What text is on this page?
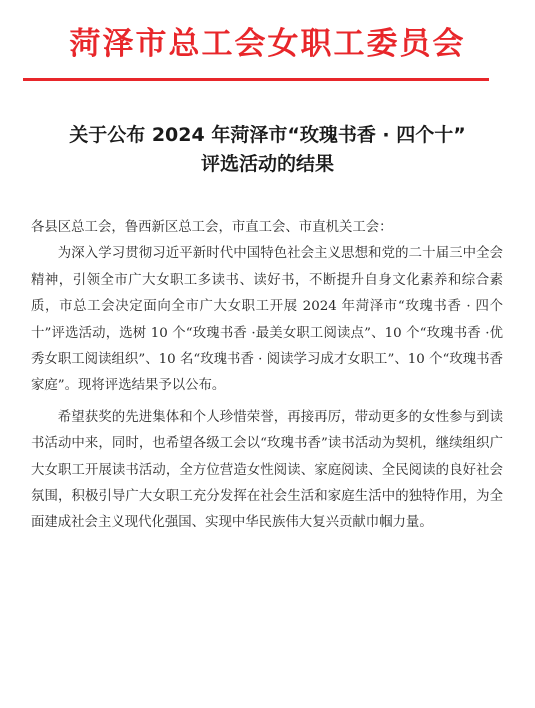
菏泽市总工会女职工委员会
关于公布 2024 年菏泽市“玫瑰书香 · 四个十”
评选活动的结果

各县区总工会，鲁西新区总工会，市直工会、市直机关工会：

为深入学习贯彻习近平新时代中国特色社会主义思想和党的二十届三中全会精神，引领全市广大女职工多读书、读好书，不断提升自身文化素养和综合素质，市总工会决定面向全市广大女职工开展 2024 年菏泽市“玫瑰书香 · 四个十”评选活动，选树 10 个“玫瑰书香 ·最美女职工阅读点”、10 个“玫瑰书香 ·优秀女职工阅读组织”、10 名“玫瑰书香 · 阅读学习成才女职工”、10 个“玫瑰书香家庭”。现将评选结果予以公布。

希望获奖的先进集体和个人珍惜荣誉，再接再厉，带动更多的女性参与到读书活动中来，同时，也希望各级工会以“玫瑰书香”读书活动为契机，继续组织广大女职工开展读书活动，全方位营造女性阅读、家庭阅读、全民阅读的良好社会氛围，积极引导广大女职工充分发挥在社会生活和家庭生活中的独特作用，为全面建成社会主义现代化强国、实现中华民族伟大复兴贡献巾帼力量。
